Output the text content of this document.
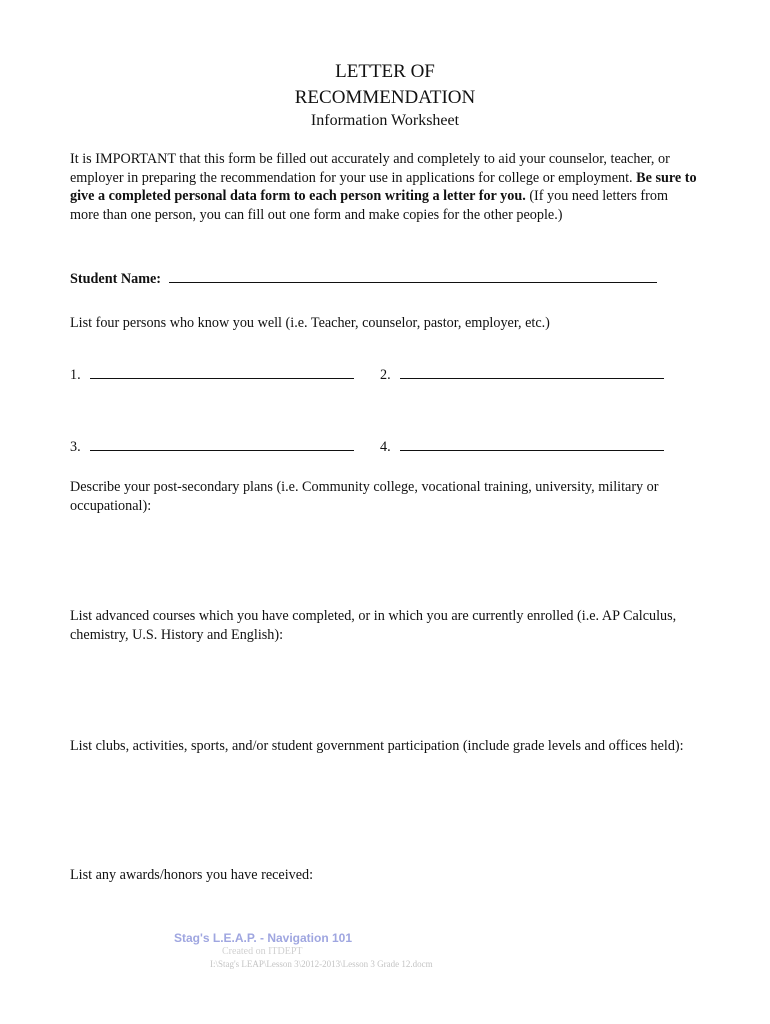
LETTER OF
RECOMMENDATION
Information Worksheet
It is IMPORTANT that this form be filled out accurately and completely to aid your counselor, teacher, or employer in preparing the recommendation for your use in applications for college or employment. Be sure to give a completed personal data form to each person writing a letter for you. (If you need letters from more than one person, you can fill out one form and make copies for the other people.)
Student Name:
List four persons who know you well (i.e. Teacher, counselor, pastor, employer, etc.)
1.	2.
3.	4.
Describe your post-secondary plans (i.e. Community college, vocational training, university, military or occupational):
List advanced courses which you have completed, or in which you are currently enrolled (i.e. AP Calculus, chemistry, U.S. History and English):
List clubs, activities, sports, and/or student government participation (include grade levels and offices held):
List any awards/honors you have received:
Stag's L.E.A.P. - Navigation 101
Created on ITDEPT
I:\Stag's LEAP\Lesson 3\2012-2013\Lesson 3 Grade 12.docm
